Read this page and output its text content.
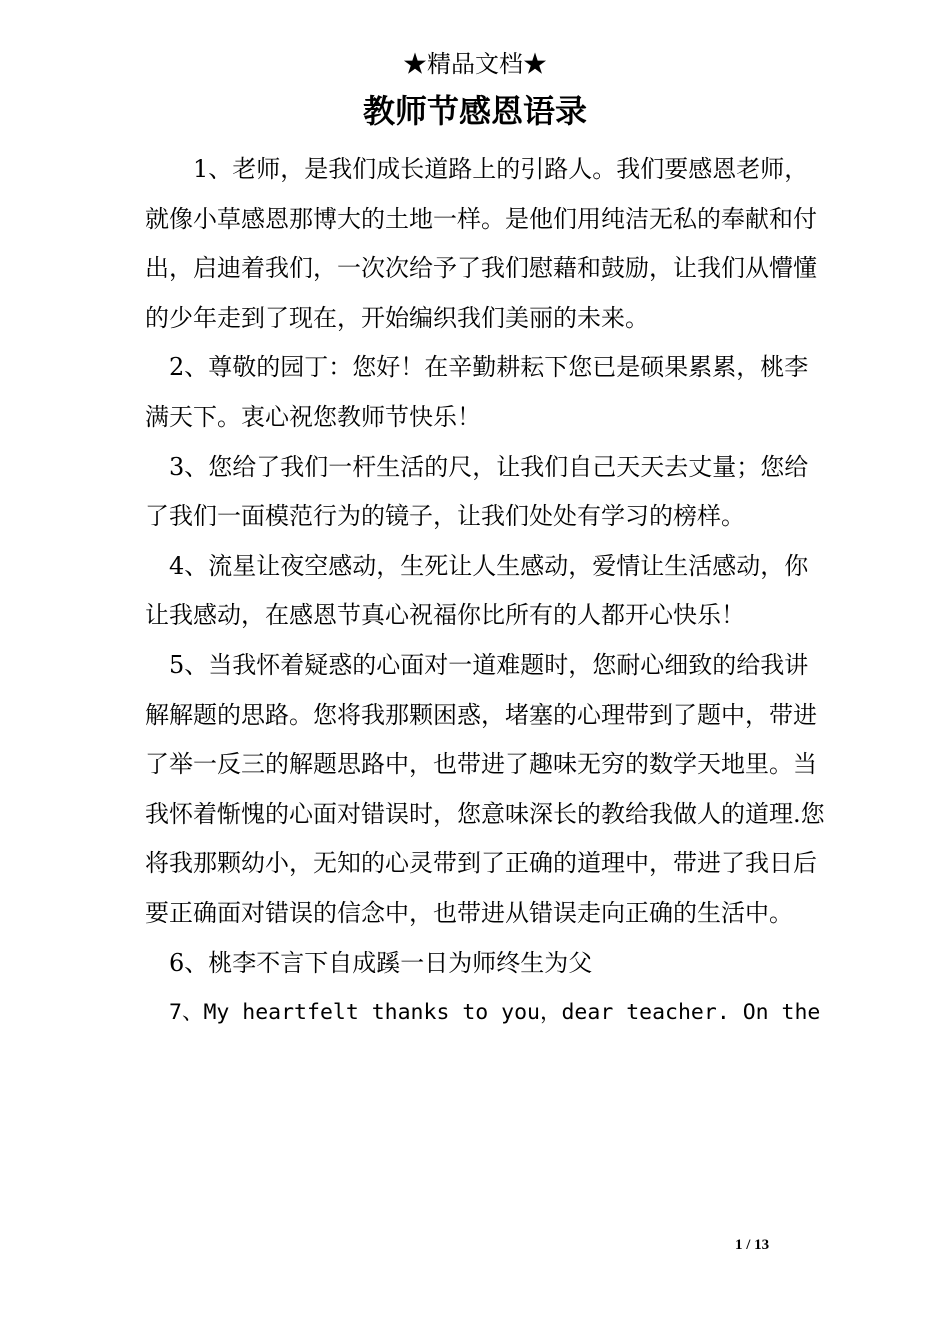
★精品文档★
教师节感恩语录

1、老师，是我们成长道路上的引路人。我们要感恩老师，就像小草感恩那博大的土地一样。是他们用纯洁无私的奉献和付出，启迪着我们，一次次给予了我们慰藉和鼓励，让我们从懵懂的少年走到了现在，开始编织我们美丽的未来。

2、尊敬的园丁：您好！在辛勤耕耘下您已是硕果累累，桃李满天下。衷心祝您教师节快乐！

3、您给了我们一杆生活的尺，让我们自己天天去丈量；您给了我们一面模范行为的镜子，让我们处处有学习的榜样。

4、流星让夜空感动，生死让人生感动，爱情让生活感动，你让我感动，在感恩节真心祝福你比所有的人都开心快乐！

5、当我怀着疑惑的心面对一道难题时，您耐心细致的给我讲解解题的思路。您将我那颗困惑，堵塞的心理带到了题中，带进了举一反三的解题思路中，也带进了趣味无穷的数学天地里。当我怀着惭愧的心面对错误时，您意味深长的教给我做人的道理.您将我那颗幼小，无知的心灵带到了正确的道理中，带进了我日后要正确面对错误的信念中，也带进从错误走向正确的生活中。

6、桃李不言下自成蹊一日为师终生为父

7、My heartfelt thanks to you，dear teacher. On the

1 / 13
